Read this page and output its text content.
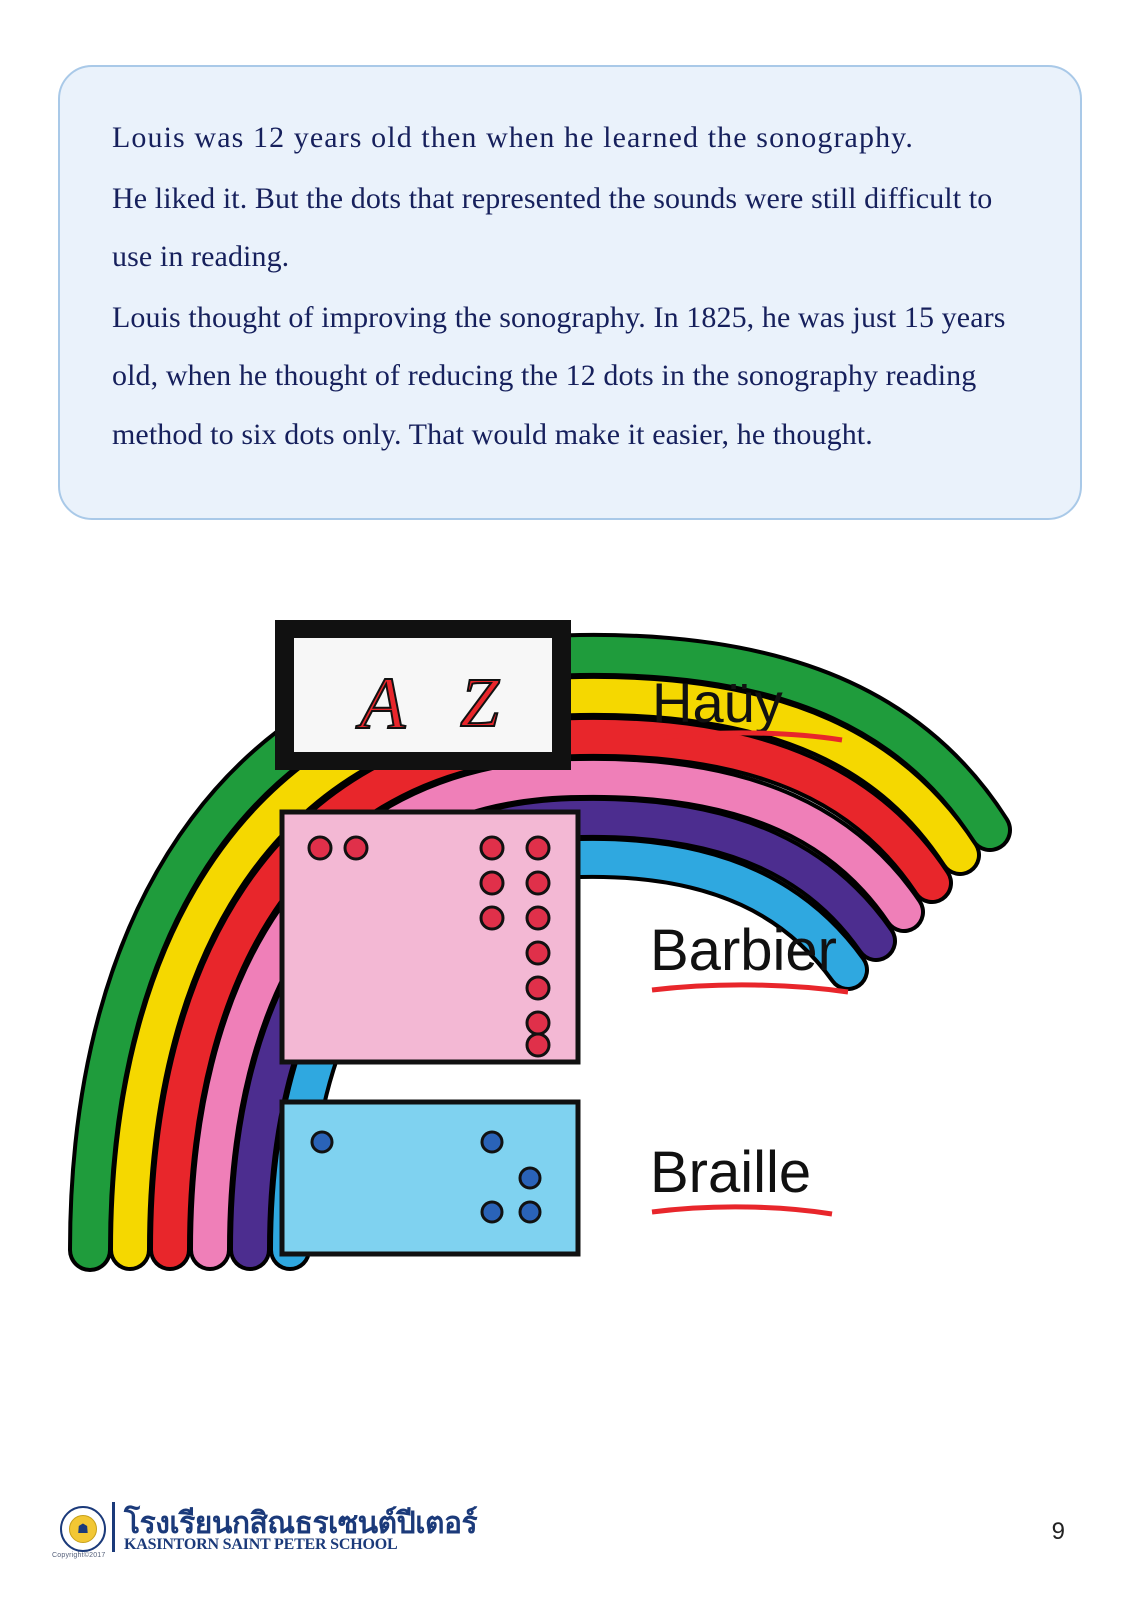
Louis was 12 years old then when he learned the sonography.

He liked it. But the dots that represented the sounds were still difficult to use in reading.

Louis thought of improving the sonography. In 1825, he was just 15 years old, when he thought of reducing the 12 dots in the sonography reading method to six dots only. That would make it easier, he thought.

A Z	Haüy
Barbier
Braille
☗
Copyright©2017
โรงเรียนกสิณธรเซนต์ปีเตอร์
KASINTORN SAINT PETER SCHOOL	9
